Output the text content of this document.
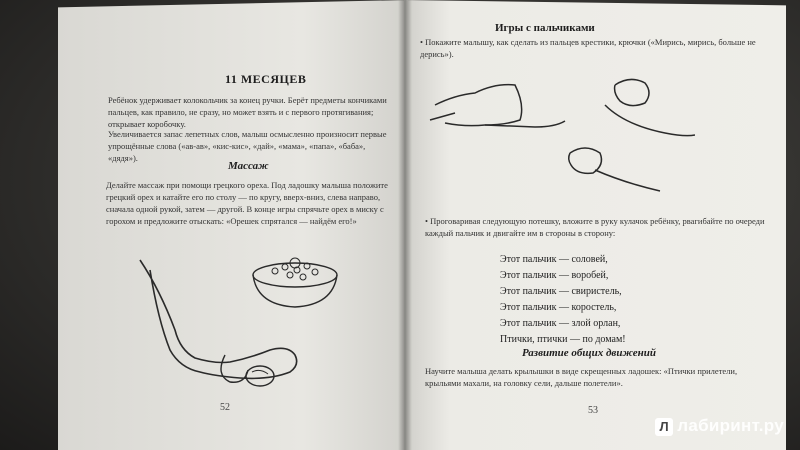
11 МЕСЯЦЕВ
Ребёнок удерживает колокольчик за конец ручки. Берёт предметы кончиками пальцев, как правило, не сразу, но может взять и с первого протягивания; открывает коробочку.
Увеличивается запас лепетных слов, малыш осмысленно произносит первые упрощённые слова («ав-ав», «кис-кис», «дай», «мама», «папа», «баба», «дядя»).
Массаж
Делайте массаж при помощи грецкого ореха. Под ладошку малыша положите грецкий орех и катайте его по столу — по кругу, вверх-вниз, слева направо, сначала одной рукой, затем — другой. В конце игры спрячьте орех в миску с горохом и предложите отыскать: «Орешек спрятался — найдём его!»
52
Игры с пальчиками
• Покажите малышу, как сделать из пальцев крестики, крючки («Мирись, мирись, больше не дерись»).
• Проговаривая следующую потешку, вложите в руку кулачок ребёнку, рвагибайте по очереди каждый пальчик и двигайте им в стороны в сторону:
Этот пальчик — соловей,
Этот пальчик — воробей,
Этот пальчик — свиристель,
Этот пальчик — коростель,
Этот пальчик — злой орлан,
Птички, птички — по домам!
Развитие общих движений
Научите малыша делать крылышки в виде скрещенных ладошек: «Птички прилетели, крыльями махали, на головку сели, дальше полетели».
53
Л лабиринт.ру
